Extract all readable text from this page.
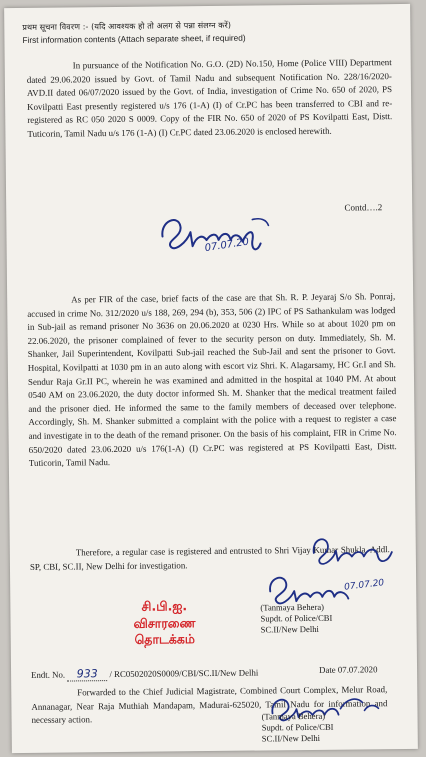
प्रथम सूचना विवरण :- (यदि आवश्यक हो तो अलग से पन्ना संलग्न करें)
First information contents (Attach separate sheet, if required)

In pursuance of the Notification No. G.O. (2D) No.150, Home (Police VIII) Department dated 29.06.2020 issued by Govt. of Tamil Nadu and subsequent Notification No. 228/16/2020-AVD.II dated 06/07/2020 issued by the Govt. of India, investigation of Crime No. 650 of 2020, PS Kovilpatti East presently registered u/s 176 (1-A) (I) of Cr.PC has been transferred to CBI and re-registered as RC 050 2020 S 0009. Copy of the FIR No. 650 of 2020 of PS Kovilpatti East, Distt. Tuticorin, Tamil Nadu u/s 176 (1-A) (I) Cr.PC dated 23.06.2020 is enclosed herewith.

07.07.20
Contd….2

As per FIR of the case, brief facts of the case are that Sh. R. P. Jeyaraj S/o Sh. Ponraj, accused in crime No. 312/2020 u/s 188, 269, 294 (b), 353, 506 (2) IPC of PS Sathankulam was lodged in Sub-jail as remand prisoner No 3636 on 20.06.2020 at 0230 Hrs. While so at about 1020 pm on 22.06.2020, the prisoner complained of fever to the security person on duty. Immediately, Sh. M. Shanker, Jail Superintendent, Kovilpatti Sub-jail reached the Sub-Jail and sent the prisoner to Govt. Hospital, Kovilpatti at 1030 pm in an auto along with escort viz Shri. K. Alagarsamy, HC Gr.I and Sh. Sendur Raja Gr.II PC, wherein he was examined and admitted in the hospital at 1040 PM. At about 0540 AM on 23.06.2020, the duty doctor informed Sh. M. Shanker that the medical treatment failed and the prisoner died. He informed the same to the family members of deceased over telephone. Accordingly, Sh. M. Shanker submitted a complaint with the police with a request to register a case and investigate in to the death of the remand prisoner. On the basis of his complaint, FIR in Crime No. 650/2020 dated 23.06.2020 u/s 176(1-A) (I) Cr.PC was registered at PS Kovilpatti East, Distt. Tuticorin, Tamil Nadu.

Therefore, a regular case is registered and entrusted to Shri Vijay Kumar Shukla, Addl. SP, CBI, SC.II, New Delhi for investigation.

சி.பி.ஐ.
விசாரணை
தொடக்கம்
07.07.20
(Tanmaya Behera)
Supdt. of Police/CBI
SC.II/New Delhi
Endt. No. 933 / RC0502020S0009/CBI/SC.II/New Delhi	Date 07.07.2020

Forwarded to the Chief Judicial Magistrate, Combined Court Complex, Melur Road, Annanagar, Near Raja Muthiah Mandapam, Madurai-625020, Tamil Nadu for information and necessary action.	(Tanmaya Behera)
Supdt. of Police/CBI
SC.II/New Delhi
